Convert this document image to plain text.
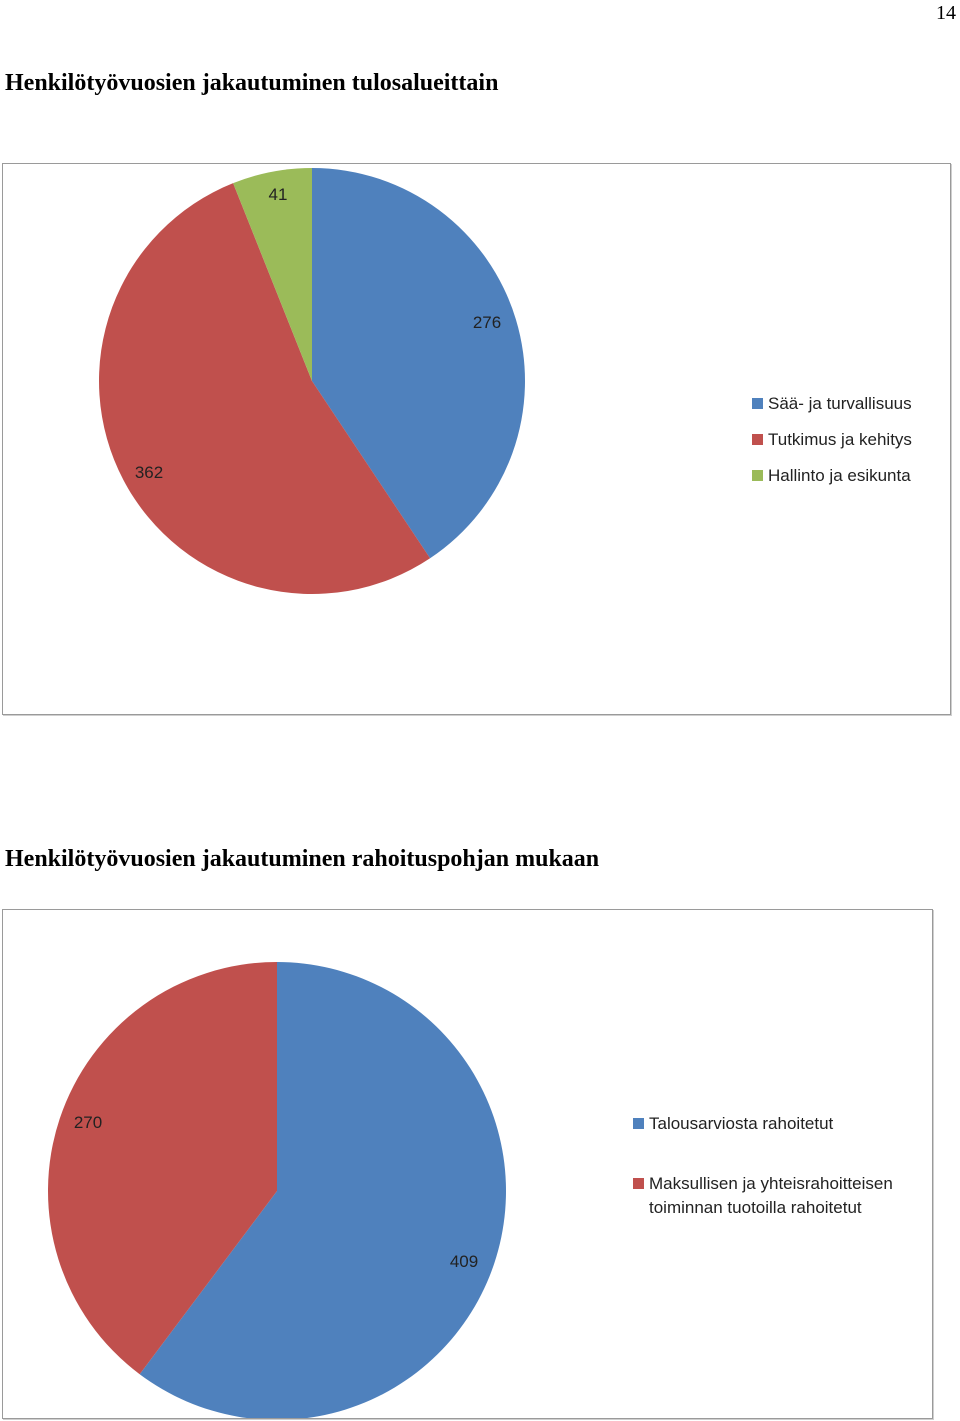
14
Henkilötyövuosien jakautuminen tulosalueittain
276
362
41
Sää- ja turvallisuus
Tutkimus ja kehitys
Hallinto ja esikunta
Henkilötyövuosien jakautuminen rahoituspohjan mukaan
409
270	Talousarviosta rahoitetut
Maksullisen ja yhteisrahoitteisen
toiminnan tuotoilla rahoitetut
